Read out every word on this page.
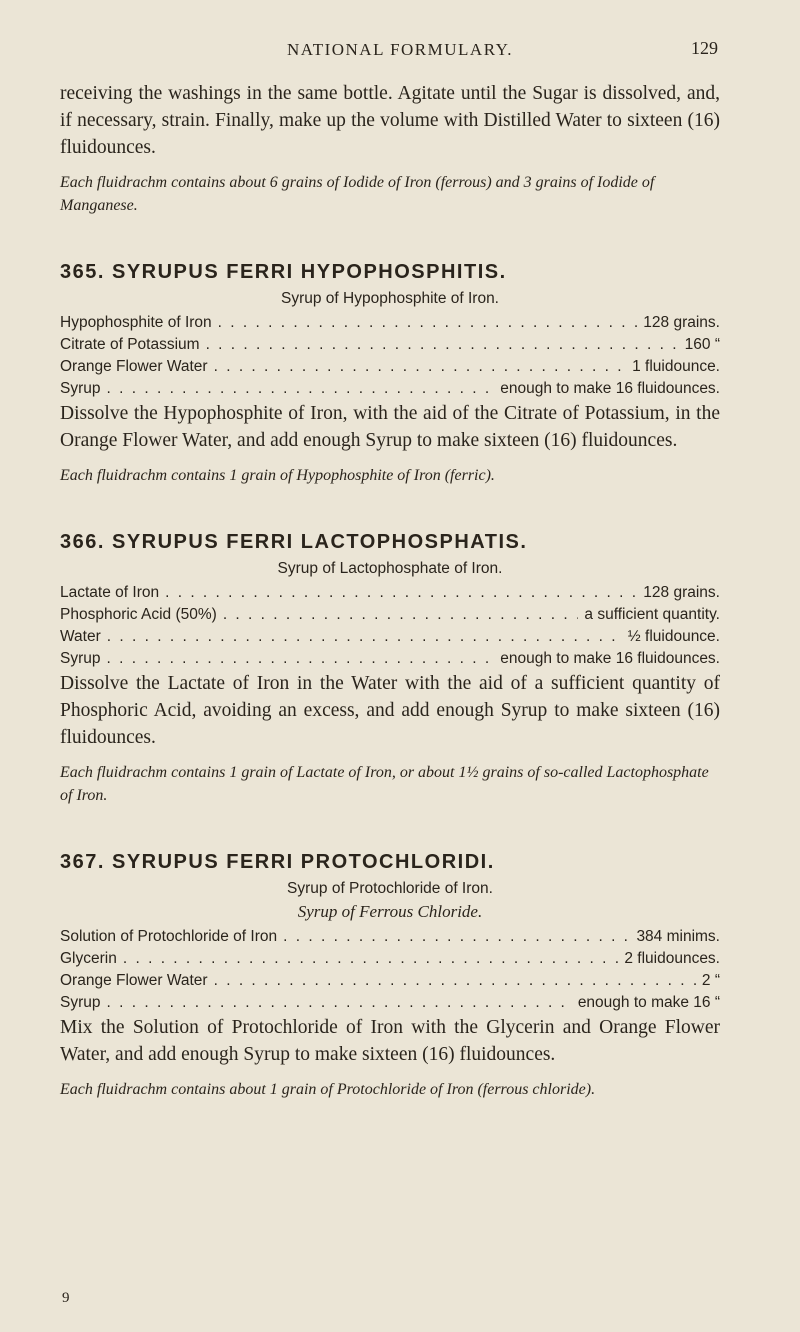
NATIONAL FORMULARY.	129

receiving the washings in the same bottle. Agitate until the Sugar is dissolved, and, if necessary, strain. Finally, make up the volume with Distilled Water to sixteen (16) fluidounces.

Each fluidrachm contains about 6 grains of Iodide of Iron (ferrous) and 3 grains of Iodide of Manganese.

365. SYRUPUS FERRI HYPOPHOSPHITIS.
Syrup of Hypophosphite of Iron.
Hypophosphite of Iron . . .	128 grains.
Citrate of Potassium . . .	160 “
Orange Flower Water . . .	1 fluidounce.
Syrup . . .	enough to make 16 fluidounces.

Dissolve the Hypophosphite of Iron, with the aid of the Citrate of Potassium, in the Orange Flower Water, and add enough Syrup to make sixteen (16) fluidounces.

Each fluidrachm contains 1 grain of Hypophosphite of Iron (ferric).

366. SYRUPUS FERRI LACTOPHOSPHATIS.
Syrup of Lactophosphate of Iron.
Lactate of Iron . . .	128 grains.
Phosphoric Acid (50%) . . .	a sufficient quantity.
Water . . .	½ fluidounce.
Syrup . . .	enough to make 16 fluidounces.

Dissolve the Lactate of Iron in the Water with the aid of a sufficient quantity of Phosphoric Acid, avoiding an excess, and add enough Syrup to make sixteen (16) fluidounces.

Each fluidrachm contains 1 grain of Lactate of Iron, or about 1½ grains of so-called Lactophosphate of Iron.

367. SYRUPUS FERRI PROTOCHLORIDI.
Syrup of Protochloride of Iron.
Syrup of Ferrous Chloride.
Solution of Protochloride of Iron . . .	384 minims.
Glycerin . . .	2 fluidounces.
Orange Flower Water . . .	2 “
Syrup . . .	enough to make 16 “

Mix the Solution of Protochloride of Iron with the Glycerin and Orange Flower Water, and add enough Syrup to make sixteen (16) fluidounces.

Each fluidrachm contains about 1 grain of Protochloride of Iron (ferrous chloride).

9
